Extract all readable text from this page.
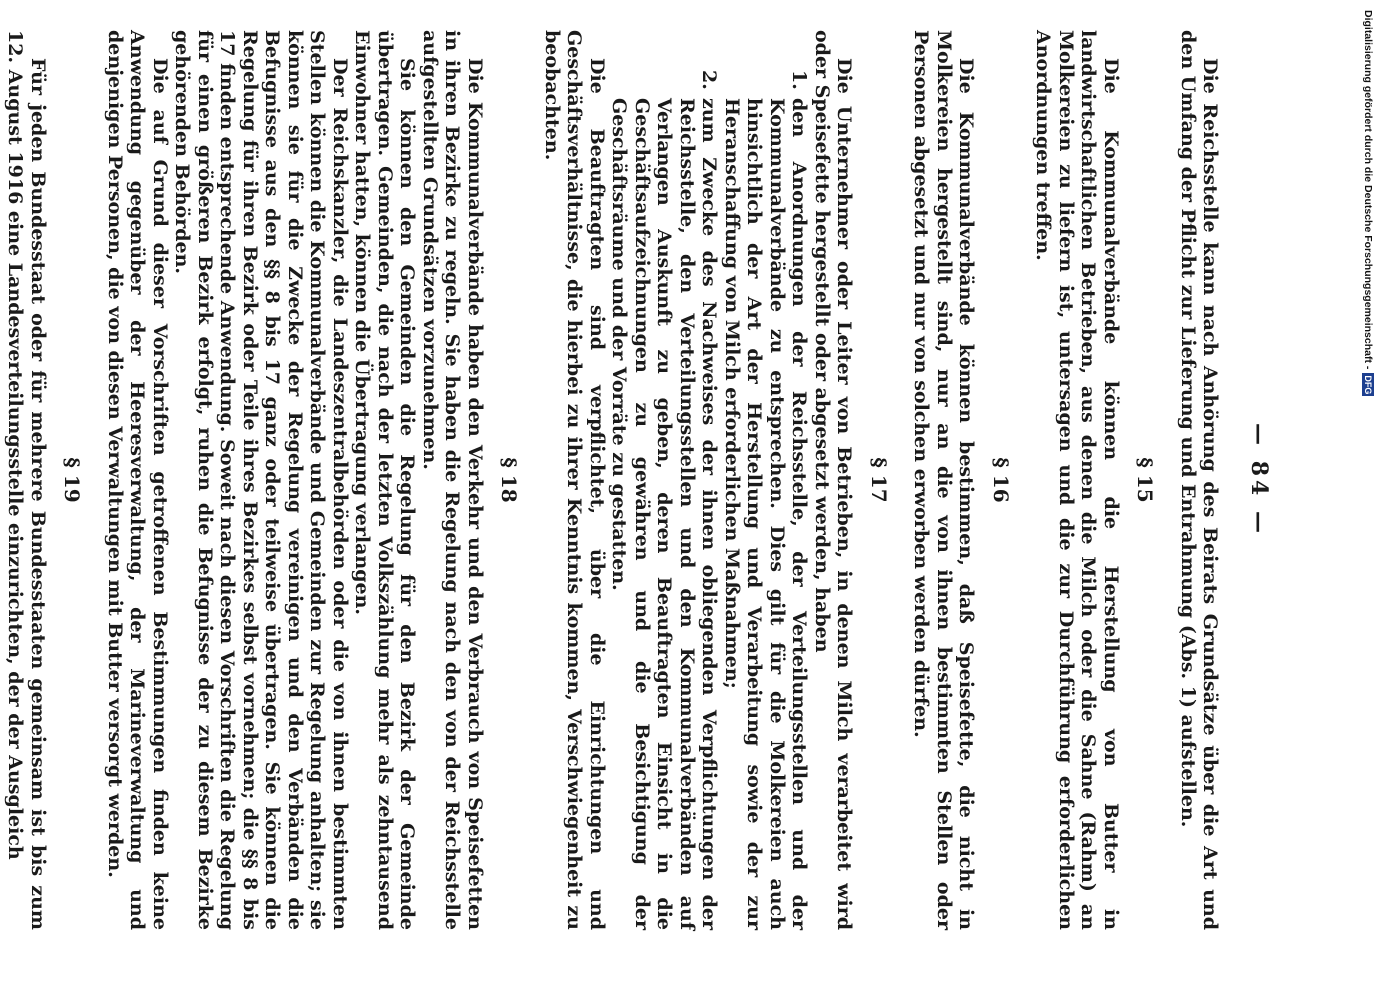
— 84 —

Die Reichsstelle kann nach Anhörung des Beirats Grundsätze über die Art und den Umfang der Pflicht zur Lieferung und Entrahmung (Abs. 1) aufstellen.

§ 15

Die Kommunalverbände können die Herstellung von Butter in landwirtschaftlichen Betrieben, aus denen die Milch oder die Sahne (Rahm) an Molkereien zu liefern ist, untersagen und die zur Durchführung erforderlichen Anordnungen treffen.

§ 16

Die Kommunalverbände können bestimmen, daß Speisefette, die nicht in Molkereien hergestellt sind, nur an die von ihnen bestimmten Stellen oder Personen abgesetzt und nur von solchen erworben werden dürfen.

§ 17

Die Unternehmer oder Leiter von Betrieben, in denen Milch verarbeitet wird oder Speisefette hergestellt oder abgesetzt werden, haben

1.
den Anordnungen der Reichsstelle, der Verteilungsstellen und der Kommunalverbände zu entsprechen. Dies gilt für die Molkereien auch hinsichtlich der Art der Herstellung und Verarbeitung sowie der zur Heranschaffung von Milch erforderlichen Maßnahmen;
2.
zum Zwecke des Nachweises der ihnen obliegenden Verpflichtungen der Reichsstelle, den Verteilungsstellen und den Kommunalverbänden auf Verlangen Auskunft zu geben, deren Beauftragten Einsicht in die Geschäftsaufzeichnungen zu gewähren und die Besichtigung der Geschäftsräume und der Vorräte zu gestatten.

Die Beauftragten sind verpflichtet, über die Einrichtungen und Geschäftsverhältnisse, die hierbei zu ihrer Kenntnis kommen, Verschwiegenheit zu beobachten.

§ 18

Die Kommunalverbände haben den Verkehr und den Verbrauch von Speisefetten in ihren Bezirke zu regeln. Sie haben die Regelung nach den von der Reichsstelle aufgestellten Grundsätzen vorzunehmen.

Sie können den Gemeinden die Regelung für den Bezirk der Gemeinde übertragen. Gemeinden, die nach der letzten Volkszählung mehr als zehntausend Einwohner hatten, können die Übertragung verlangen.

Der Reichskanzler, die Landeszentralbehörden oder die von ihnen bestimmten Stellen können die Kommunalverbände und Gemeinden zur Regelung anhalten; sie können sie für die Zwecke der Regelung vereinigen und den Verbänden die Befugnisse aus den §§ 8 bis 17 ganz oder teilweise übertragen. Sie können die Regelung für ihren Bezirk oder Teile ihres Bezirkes selbst vornehmen; die §§ 8 bis 17 finden entsprechende Anwendung. Soweit nach diesen Vorschriften die Regelung für einen größeren Bezirk erfolgt, ruhen die Befugnisse der zu diesem Bezirke gehörenden Behörden.

Die auf Grund dieser Vorschriften getroffenen Bestimmungen finden keine Anwendung gegenüber der Heeresverwaltung, der Marineverwaltung und denjenigen Personen, die von diesen Verwaltungen mit Butter versorgt werden.

§ 19

Für jeden Bundesstaat oder für mehrere Bundesstaaten gemeinsam ist bis zum 12. August 1916 eine Landesverteilungsstelle einzurichten, der der Ausgleich	Digitalisierung gefördert durch die Deutsche Forschungsgemeinschaft -
DFG
